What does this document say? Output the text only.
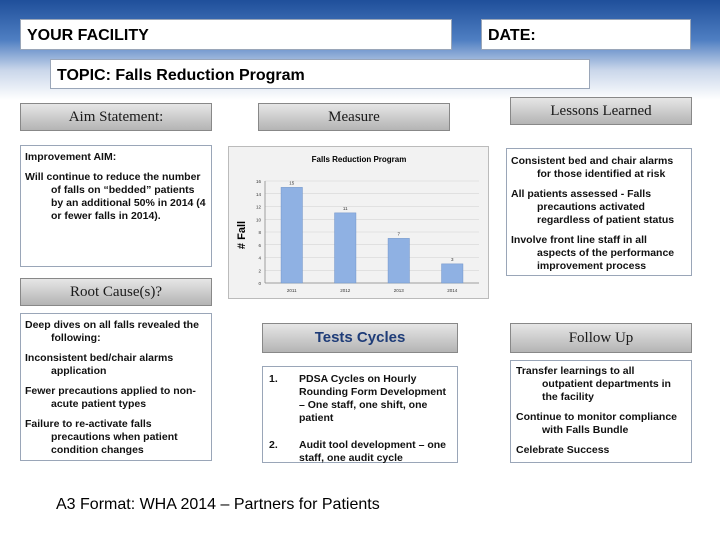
YOUR FACILITY	DATE:
TOPIC: Falls Reduction Program
Aim Statement:

Improvement AIM:

Will continue to reduce the number of falls on “bedded” patients by an additional 50% in 2014 (4 or fewer falls in 2014).

Measure
Falls Reduction Program
# Fall
0
2
4
6
8
10
12
14
16	15
2011
11
2012
7
2013
3
2014
Lessons Learned

Consistent bed and chair alarms for those identified at risk

All patients assessed - Falls precautions activated regardless of patient status

Involve front line staff in all aspects of the performance improvement process

Root Cause(s)?

Deep dives on all falls revealed the following:

Inconsistent bed/chair alarms application

Fewer precautions applied to non-acute patient types

Failure to re-activate falls precautions when patient condition changes

Tests Cycles
1.	PDSA Cycles on Hourly Rounding Form Development – One staff, one shift, one patient
2.	Audit tool development – one staff, one audit cycle
Follow Up

Transfer learnings to all outpatient departments in the facility

Continue to monitor compliance with Falls Bundle

Celebrate Success

A3 Format: WHA 2014 – Partners for Patients
